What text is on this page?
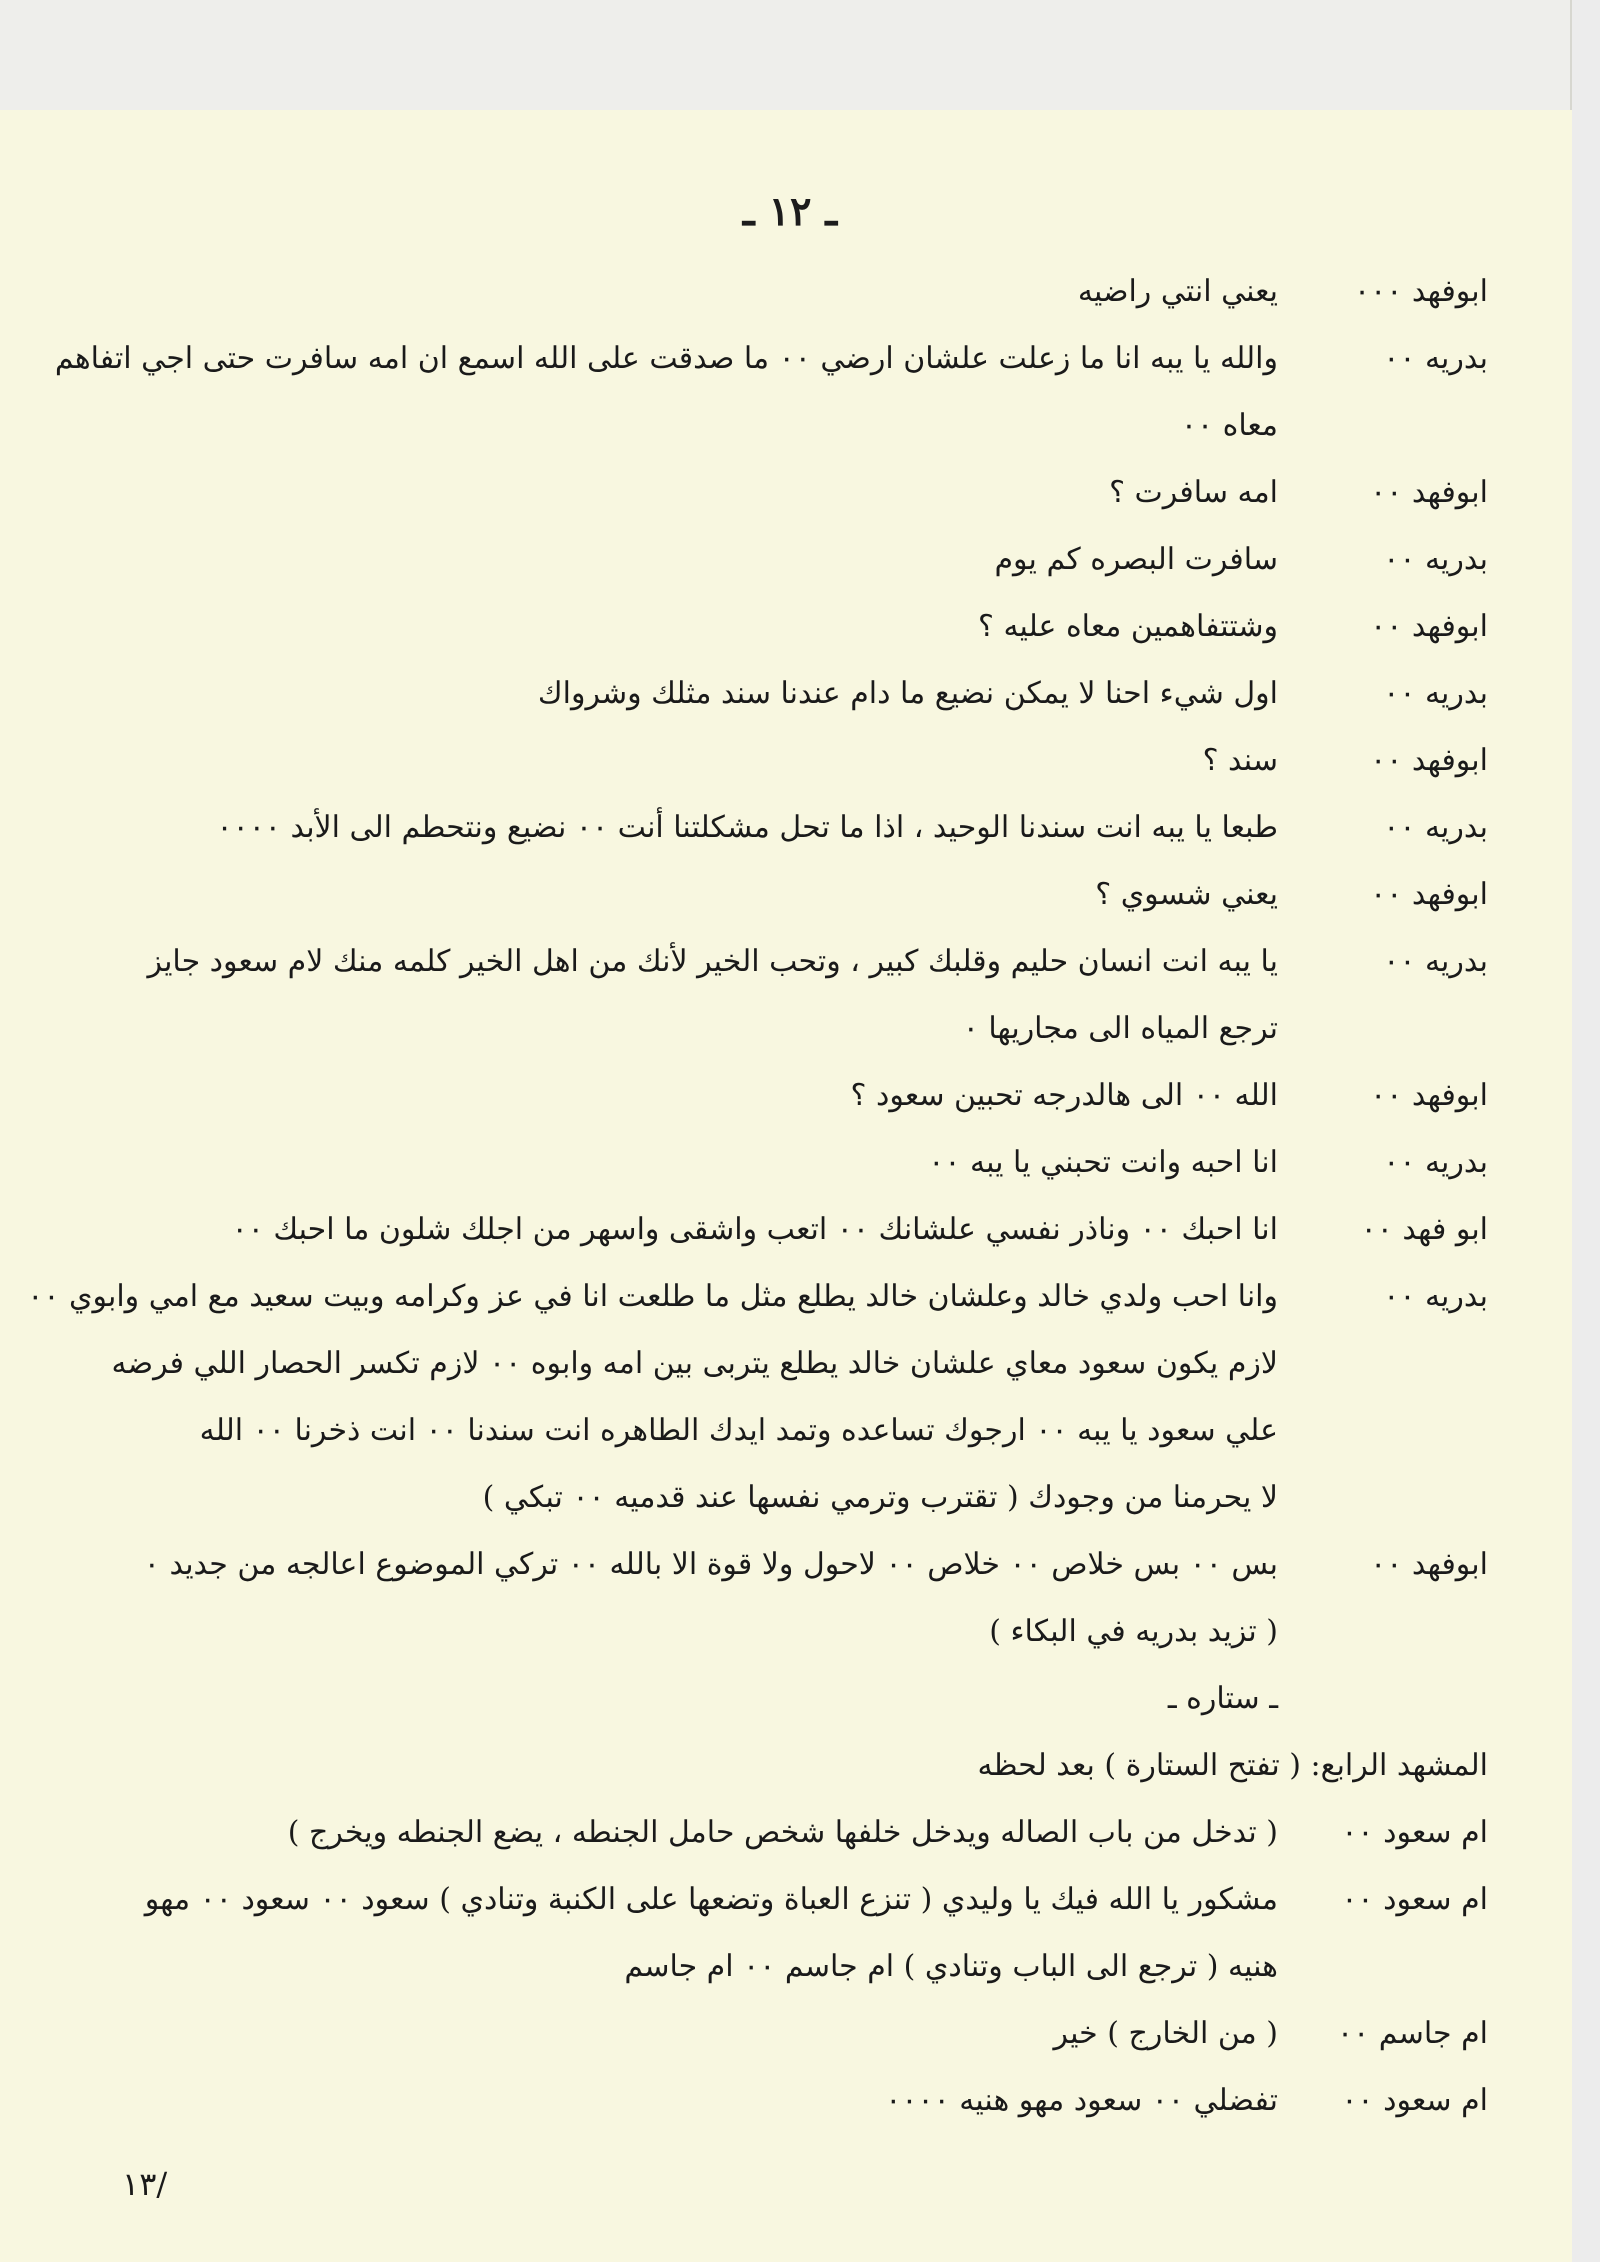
ـ ١٢ ـ
ابوفهد ۰۰۰
يعني انتي راضيه
بدريه ۰۰
والله يا يبه انا ما زعلت علشان ارضي ۰۰ ما صدقت على الله اسمع ان امه سافرت حتى اجي اتفاهم
معاه ۰۰
ابوفهد ۰۰
امه سافرت ؟
بدريه ۰۰
سافرت البصره كم يوم
ابوفهد ۰۰
وشتتفاهمين معاه عليه ؟
بدريه ۰۰
اول شيء احنا لا يمكن نضيع ما دام عندنا سند مثلك وشرواك
ابوفهد ۰۰
سند ؟
بدريه ۰۰
طبعا يا يبه انت سندنا الوحيد ، اذا ما تحل مشكلتنا أنت ۰۰ نضيع ونتحطم الى الأبد ۰۰۰۰
ابوفهد ۰۰
يعني شسوي ؟
بدريه ۰۰
يا يبه انت انسان حليم وقلبك كبير ، وتحب الخير لأنك من اهل الخير كلمه منك لام سعود جايز
ترجع المياه الى مجاريها ۰
ابوفهد ۰۰
الله ۰۰ الى هالدرجه تحبين سعود ؟
بدريه ۰۰
انا احبه وانت تحبني يا يبه ۰۰
ابو فهد ۰۰
انا احبك ۰۰ وناذر نفسي علشانك ۰۰ اتعب واشقى واسهر من اجلك شلون ما احبك ۰۰
بدريه ۰۰
وانا احب ولدي خالد وعلشان خالد يطلع مثل ما طلعت انا في عز وكرامه وبيت سعيد مع امي وابوي ۰۰
لازم يكون سعود معاي علشان خالد يطلع يتربى بين امه وابوه ۰۰ لازم تكسر الحصار اللي فرضه
علي سعود يا يبه ۰۰ ارجوك تساعده وتمد ايدك الطاهره انت سندنا ۰۰ انت ذخرنا ۰۰ الله
لا يحرمنا من وجودك ( تقترب وترمي نفسها عند قدميه ۰۰ تبكي )
ابوفهد ۰۰
بس ۰۰ بس خلاص ۰۰ خلاص ۰۰ لاحول ولا قوة الا بالله ۰۰ تركي الموضوع اعالجه من جديد ۰
( تزيد بدريه في البكاء )
ـ ستاره ـ
المشهد الرابع: ( تفتح الستارة ) بعد لحظه
ام سعود ۰۰
( تدخل من باب الصاله ويدخل خلفها شخص حامل الجنطه ، يضع الجنطه ويخرج )
ام سعود ۰۰
مشكور يا الله فيك يا وليدي ( تنزع العباة وتضعها على الكنبة وتنادي ) سعود ۰۰ سعود ۰۰ مهو
هنيه ( ترجع الى الباب وتنادي ) ام جاسم ۰۰ ام جاسم
ام جاسم ۰۰
( من الخارج ) خير
ام سعود ۰۰
تفضلي ۰۰ سعود مهو هنيه ۰۰۰۰
/١٣
